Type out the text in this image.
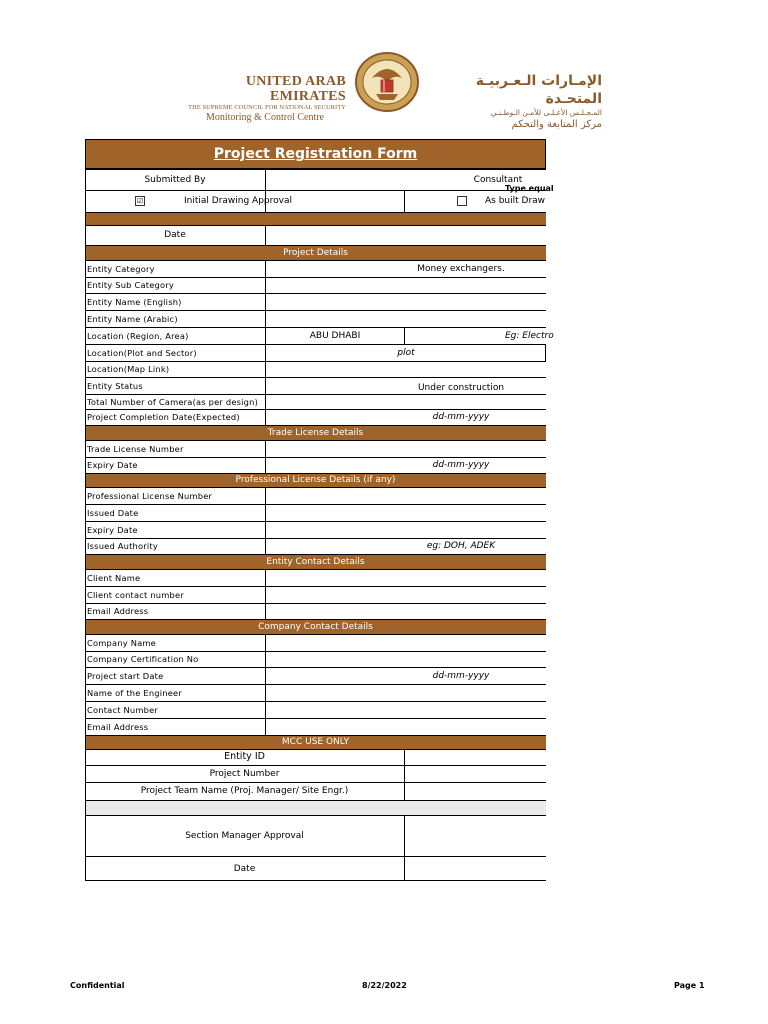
UNITED ARAB EMIRATES
THE SUPREME COUNCIL FOR NATIONAL SECURITY
Monitoring & Control Centre
الإمـارات الـعـربيـة المتحـدة
المـجـلـس الأعـلـى للأمـن الـوطـنـي
مركز المتابعة والتحكم
Project Registration Form
Submitted By	Consultant
Type equal
☑	Initial Drawing Approval	As built Draw
Date
Project Details
Entity Category	Money exchangers.
Entity Sub Category
Entity Name (English)
Entity Name (Arabic)
Location (Region, Area)	ABU DHABI	Eg: Electro
Location(Plot and Sector)	plot
Location(Map Link)
Entity Status	Under construction
Total Number of Camera(as per design)
Project Completion Date(Expected)	dd-mm-yyyy
Trade License Details
Trade License Number
Expiry Date	dd-mm-yyyy
Professional License Details (if any)
Professional License Number
Issued Date
Expiry Date
Issued Authority	eg: DOH, ADEK
Entity Contact Details
Client Name
Client contact number
Email Address
Company Contact Details
Company Name
Company Certification No
Project start Date	dd-mm-yyyy
Name of the Engineer
Contact Number
Email Address
MCC USE ONLY
Entity ID
Project Number
Project Team Name (Proj. Manager/ Site Engr.)
Section Manager Approval
Date
Confidential	8/22/2022	Page 1
